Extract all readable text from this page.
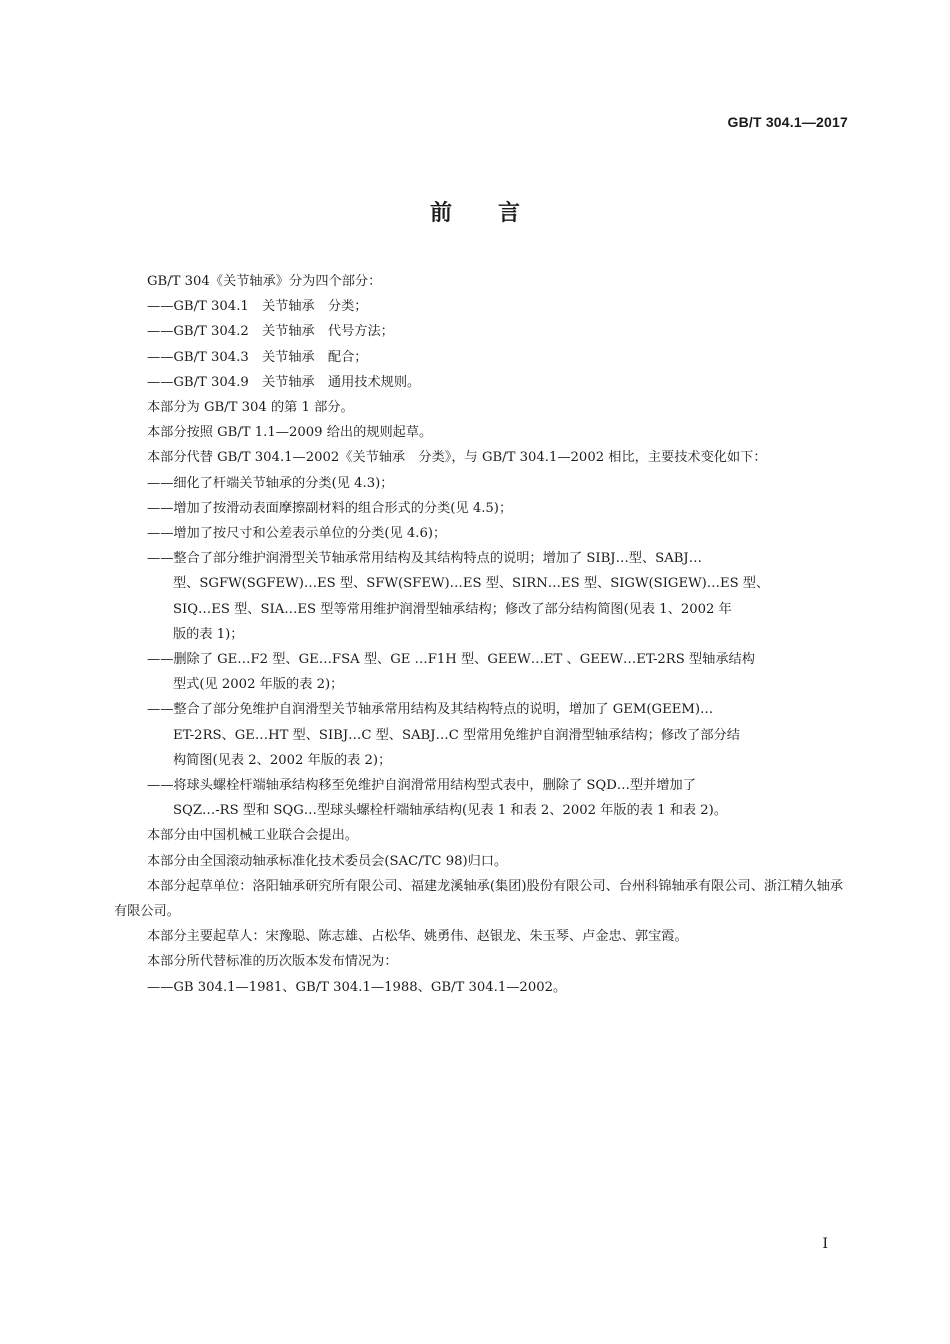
GB/T 304.1—2017
前言
GB/T 304《关节轴承》分为四个部分：
——GB/T 304.1　关节轴承　分类；
——GB/T 304.2　关节轴承　代号方法；
——GB/T 304.3　关节轴承　配合；
——GB/T 304.9　关节轴承　通用技术规则。
本部分为 GB/T 304 的第 1 部分。
本部分按照 GB/T 1.1—2009 给出的规则起草。
本部分代替 GB/T 304.1—2002《关节轴承　分类》，与 GB/T 304.1—2002 相比，主要技术变化如下：
——细化了杆端关节轴承的分类(见 4.3)；
——增加了按滑动表面摩擦副材料的组合形式的分类(见 4.5)；
——增加了按尺寸和公差表示单位的分类(见 4.6)；
——整合了部分维护润滑型关节轴承常用结构及其结构特点的说明；增加了 SIBJ…型、SABJ…
型、SGFW(SGFEW)…ES 型、SFW(SFEW)…ES 型、SIRN…ES 型、SIGW(SIGEW)…ES 型、
SIQ…ES 型、SIA…ES 型等常用维护润滑型轴承结构；修改了部分结构简图(见表 1、2002 年
版的表 1)；
——删除了 GE…F2 型、GE…FSA 型、GE …F1H 型、GEEW…ET 、GEEW…ET-2RS 型轴承结构
型式(见 2002 年版的表 2)；
——整合了部分免维护自润滑型关节轴承常用结构及其结构特点的说明，增加了 GEM(GEEM)…
ET-2RS、GE…HT 型、SIBJ…C 型、SABJ…C 型常用免维护自润滑型轴承结构；修改了部分结
构简图(见表 2、2002 年版的表 2)；
——将球头螺栓杆端轴承结构移至免维护自润滑常用结构型式表中，删除了 SQD…型并增加了
SQZ…-RS 型和 SQG…型球头螺栓杆端轴承结构(见表 1 和表 2、2002 年版的表 1 和表 2)。
本部分由中国机械工业联合会提出。
本部分由全国滚动轴承标准化技术委员会(SAC/TC 98)归口。
本部分起草单位：洛阳轴承研究所有限公司、福建龙溪轴承(集团)股份有限公司、台州科锦轴承有限公司、浙江精久轴承有限公司。
本部分主要起草人：宋豫聪、陈志雄、占松华、姚勇伟、赵银龙、朱玉琴、卢金忠、郭宝霞。
本部分所代替标准的历次版本发布情况为：
——GB 304.1—1981、GB/T 304.1—1988、GB/T 304.1—2002。
I
